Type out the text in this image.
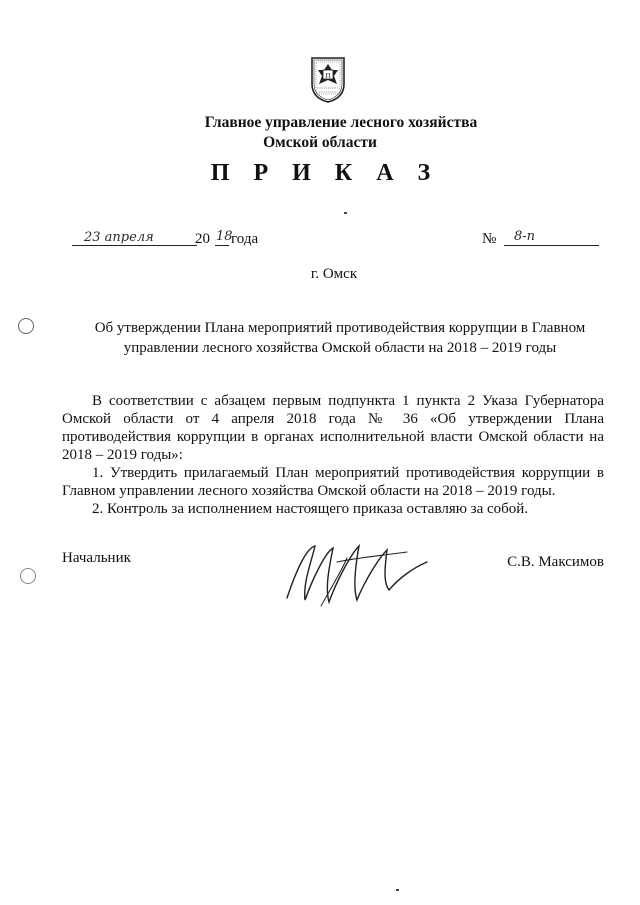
П
Главное управление лесного хозяйства
Омской области
П Р И К А З
23 апреля	20 18
года	№ 8-п
г. Омск
Об утверждении Плана мероприятий противодействия коррупции в Главном
управлении лесного хозяйства Омской области на 2018 – 2019 годы

В соответствии с абзацем первым подпункта 1 пункта 2 Указа Губернатора Омской области от 4 апреля 2018 года № 36 «Об утверждении Плана противодействия коррупции в органах исполнительной власти Омской области на 2018 – 2019 годы»:

1. Утвердить прилагаемый План мероприятий противодействия коррупции в Главном управлении лесного хозяйства Омской области на 2018 – 2019 годы.

2. Контроль за исполнением настоящего приказа оставляю за собой.

Начальник	С.В. Максимов
